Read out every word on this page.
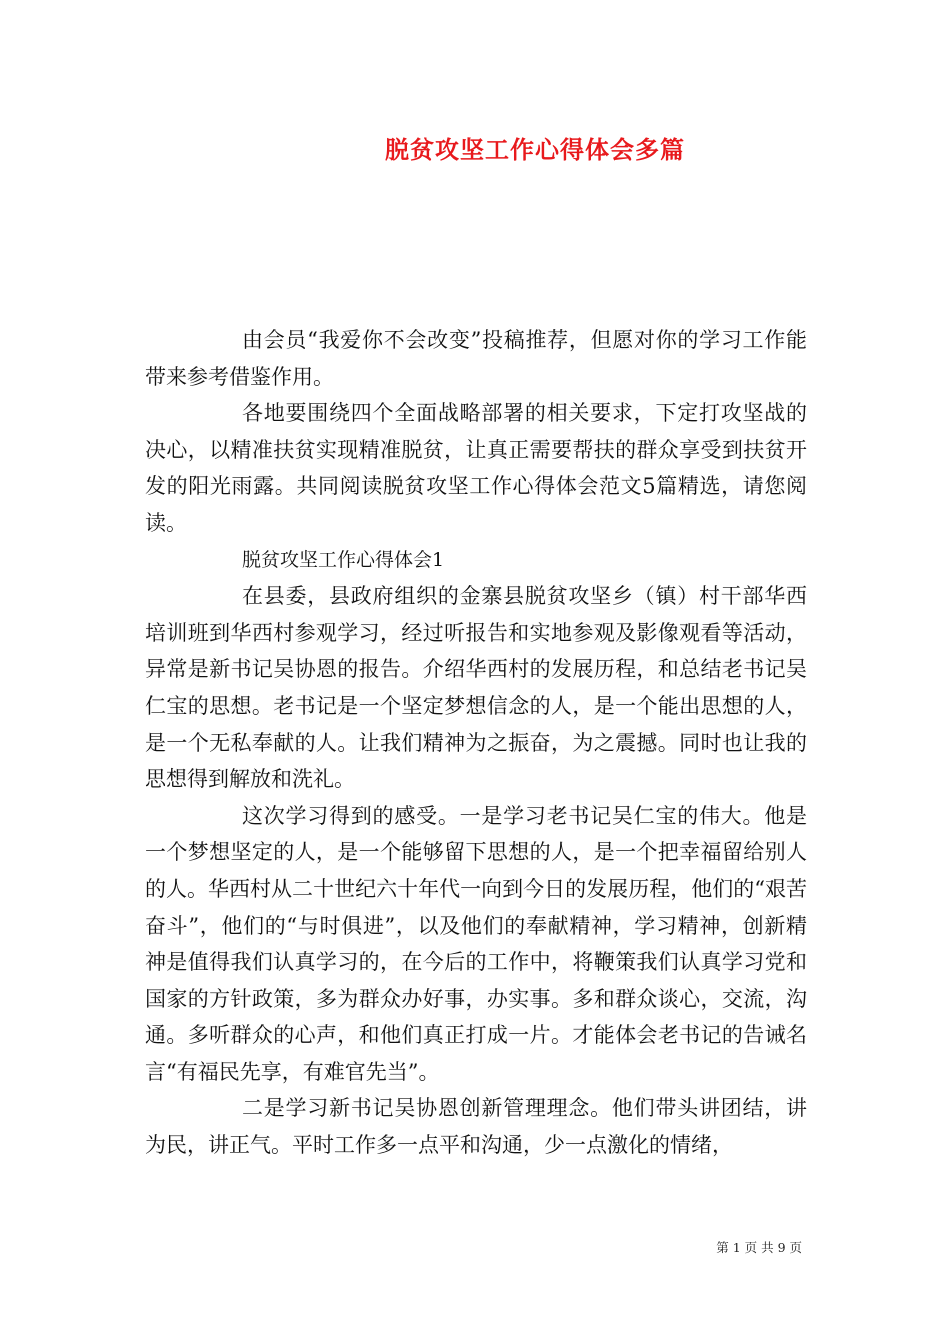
脱贫攻坚工作心得体会多篇

由会员“我爱你不会改变”投稿推荐，但愿对你的学习工作能带来参考借鉴作用。

各地要围绕四个全面战略部署的相关要求，下定打攻坚战的决心，以精准扶贫实现精准脱贫，让真正需要帮扶的群众享受到扶贫开发的阳光雨露。共同阅读脱贫攻坚工作心得体会范文5篇精选，请您阅读。

脱贫攻坚工作心得体会1

在县委，县政府组织的金寨县脱贫攻坚乡（镇）村干部华西培训班到华西村参观学习，经过听报告和实地参观及影像观看等活动，异常是新书记吴协恩的报告。介绍华西村的发展历程，和总结老书记吴仁宝的思想。老书记是一个坚定梦想信念的人，是一个能出思想的人，是一个无私奉献的人。让我们精神为之振奋，为之震撼。同时也让我的思想得到解放和洗礼。

这次学习得到的感受。一是学习老书记吴仁宝的伟大。他是一个梦想坚定的人，是一个能够留下思想的人，是一个把幸福留给别人的人。华西村从二十世纪六十年代一向到今日的发展历程，他们的“艰苦奋斗”，他们的“与时俱进”，以及他们的奉献精神，学习精神，创新精神是值得我们认真学习的，在今后的工作中，将鞭策我们认真学习党和国家的方针政策，多为群众办好事，办实事。多和群众谈心，交流，沟通。多听群众的心声，和他们真正打成一片。才能体会老书记的告诫名言“有福民先享，有难官先当”。

二是学习新书记吴协恩创新管理理念。他们带头讲团结，讲为民，讲正气。平时工作多一点平和沟通，少一点激化的情绪，

第 1 页 共 9 页
